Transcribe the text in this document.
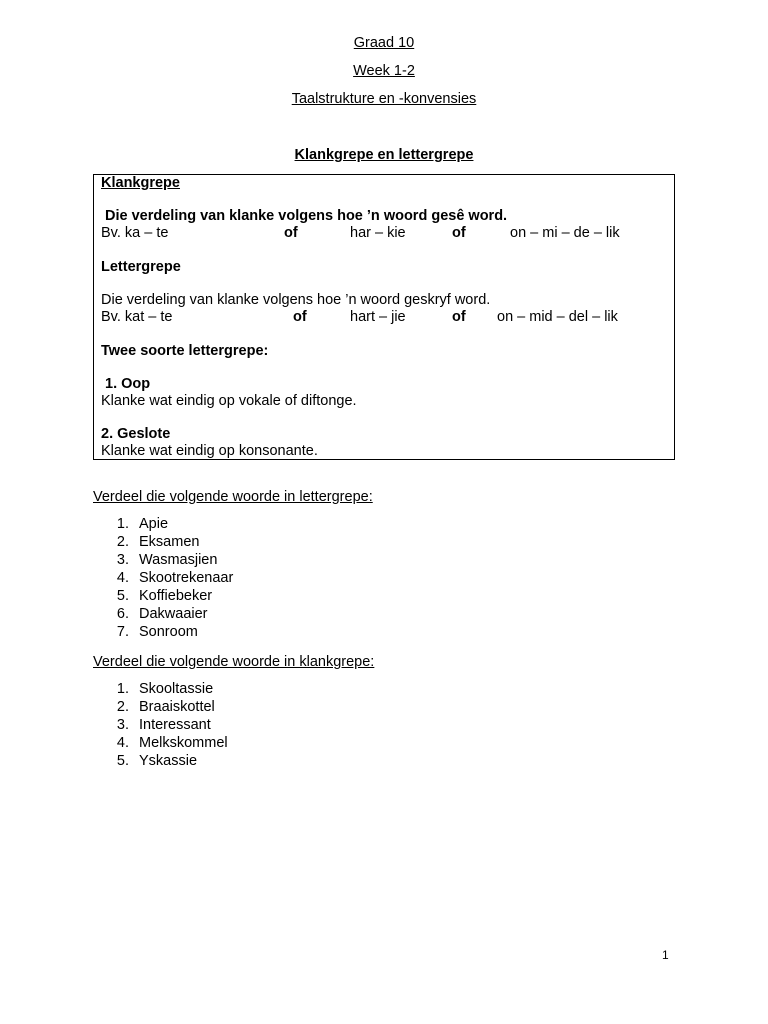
Graad 10
Week 1-2
Taalstrukture en -konvensies
Klankgrepe en lettergrepe
Klankgrepe
Die verdeling van klanke volgens hoe ’n woord gesê word.
Bv. ka – te	of	har – kie	of	on – mi – de – lik
Lettergrepe
Die verdeling van klanke volgens hoe ’n woord geskryf word.
Bv. kat – te	of	hart – jie	of on – mid – del – lik
Twee soorte lettergrepe:
1. Oop
Klanke wat eindig op vokale of diftonge.
2. Geslote
Klanke wat eindig op konsonante.
Verdeel die volgende woorde in lettergrepe:
1. Apie
2. Eksamen
3. Wasmasjien
4. Skootrekenaar
5. Koffiebeker
6. Dakwaaier
7. Sonroom
Verdeel die volgende woorde in klankgrepe:
1. Skooltassie
2. Braaiskottel
3. Interessant
4. Melkskommel
5. Yskassie
1
